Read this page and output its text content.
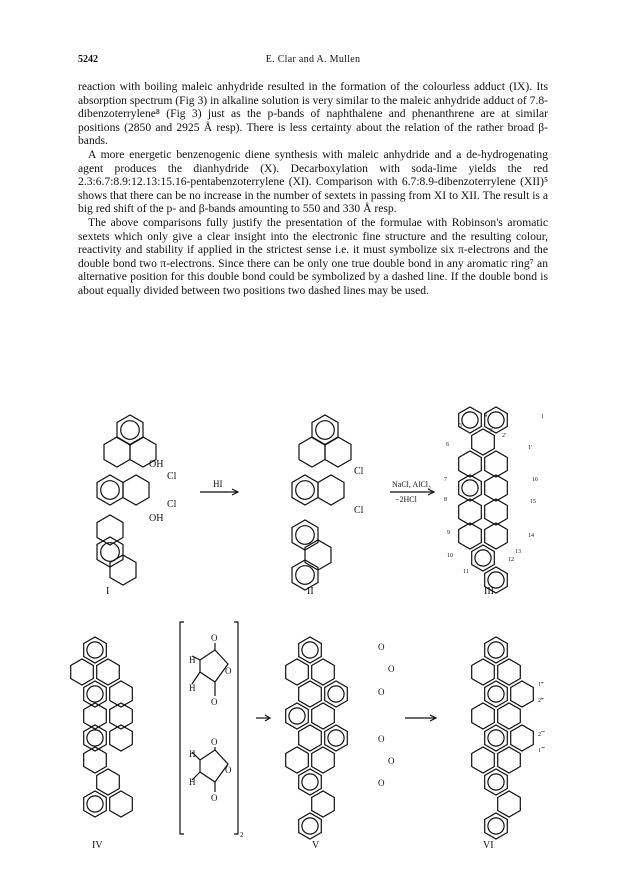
5242	E. Clar and A. Mullen

reaction with boiling maleic anhydride resulted in the formation of the colourless adduct (IX). Its absorption spectrum (Fig 3) in alkaline solution is very similar to the maleic anhydride adduct of 7.8-dibenzoterrylene⁸ (Fig 3) just as the p-bands of naphthalene and phenanthrene are at similar positions (2850 and 2925 Å resp). There is less certainty about the relation of the rather broad β-bands.

A more energetic benzenogenic diene synthesis with maleic anhydride and a de-hydrogenating agent produces the dianhydride (X). Decarboxylation with soda-lime yields the red 2.3:6.7:8.9:12.13:15.16-pentabenzoterrylene (XI). Comparison with 6.7:8.9-dibenzoterrylene (XII)⁵ shows that there can be no increase in the number of sextets in passing from XI to XII. The result is a big red shift of the p- and β-bands amounting to 550 and 330 Å resp.

The above comparisons fully justify the presentation of the formulae with Robinson's aromatic sextets which only give a clear insight into the electronic fine structure and the resulting colour, reactivity and stability if applied in the strictest sense i.e. it must symbolize six π-electrons and the double bond two π-electrons. Since there can be only one true double bond in any aromatic ring⁷ an alternative position for this double bond could be symbolized by a dashed line. If the double bond is about equally divided between two positions two dashed lines may be used.

I	II	III
OH
Cl
Cl
OH
Cl
Cl
HI	NaCl, AlCl₃
−2HCl
4
3
3'
2'
1
6	1'
7	16
8	15
14
9
13
10
12
11
IV	V	VI
2
H
H
O
O
O
H
H
O
O
O
O
O
O
O
O
O
1‴
2‴
2⁗
1⁗
